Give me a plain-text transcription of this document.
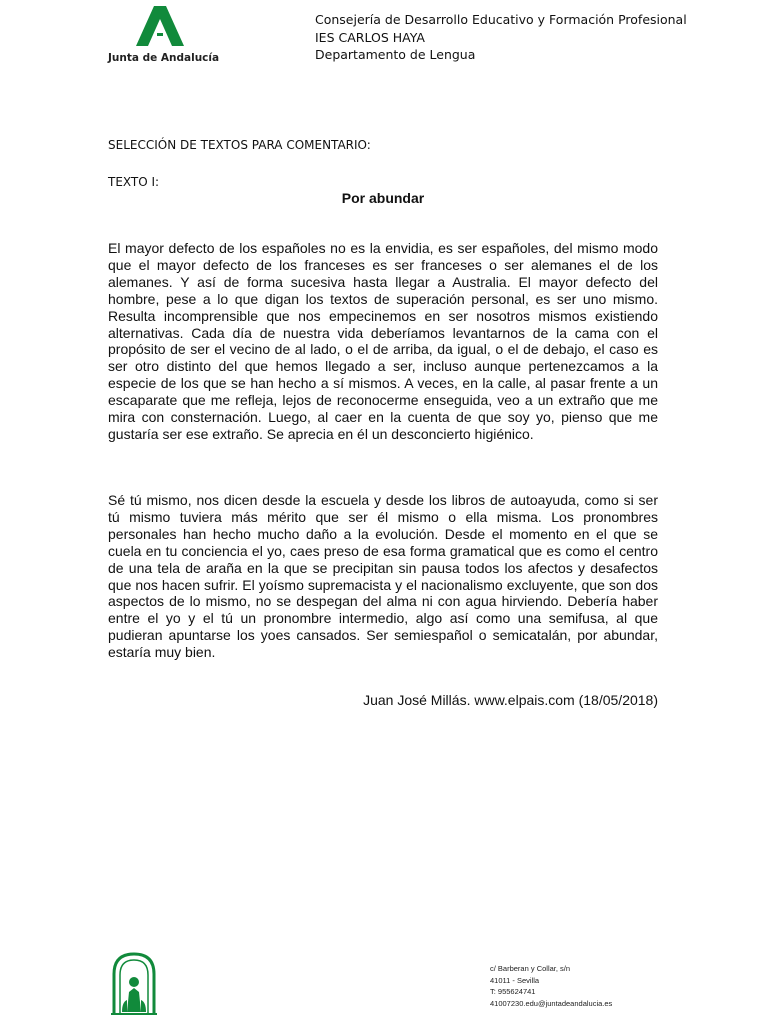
Junta de Andalucía
Consejería de Desarrollo Educativo y Formación Profesional
IES CARLOS HAYA
Departamento de Lengua
SELECCIÓN DE TEXTOS PARA COMENTARIO:
TEXTO I:
Por abundar

El mayor defecto de los españoles no es la envidia, es ser españoles, del mismo modo que el mayor defecto de los franceses es ser franceses o ser alemanes el de los alemanes. Y así de forma sucesiva hasta llegar a Australia. El mayor defecto del hombre, pese a lo que digan los textos de superación personal, es ser uno mismo. Resulta incomprensible que nos empecinemos en ser nosotros mismos existiendo alternativas. Cada día de nuestra vida deberíamos levantarnos de la cama con el propósito de ser el vecino de al lado, o el de arriba, da igual, o el de debajo, el caso es ser otro distinto del que hemos llegado a ser, incluso aunque pertenezcamos a la especie de los que se han hecho a sí mismos. A veces, en la calle, al pasar frente a un escaparate que me refleja, lejos de reconocerme enseguida, veo a un extraño que me mira con consternación. Luego, al caer en la cuenta de que soy yo, pienso que me gustaría ser ese extraño. Se aprecia en él un desconcierto higiénico.

Sé tú mismo, nos dicen desde la escuela y desde los libros de autoayuda, como si ser tú mismo tuviera más mérito que ser él mismo o ella misma. Los pronombres personales han hecho mucho daño a la evolución. Desde el momento en el que se cuela en tu conciencia el yo, caes preso de esa forma gramatical que es como el centro de una tela de araña en la que se precipitan sin pausa todos los afectos y desafectos que nos hacen sufrir. El yoísmo supremacista y el nacionalismo excluyente, que son dos aspectos de lo mismo, no se despegan del alma ni con agua hirviendo. Debería haber entre el yo y el tú un pronombre intermedio, algo así como una semifusa, al que pudieran apuntarse los yoes cansados. Ser semiespañol o semicatalán, por abundar, estaría muy bien.

Juan José Millás. www.elpais.com (18/05/2018)
c/ Barberan y Collar, s/n
41011 - Sevilla
T: 955624741
41007230.edu@juntadeandalucia.es
